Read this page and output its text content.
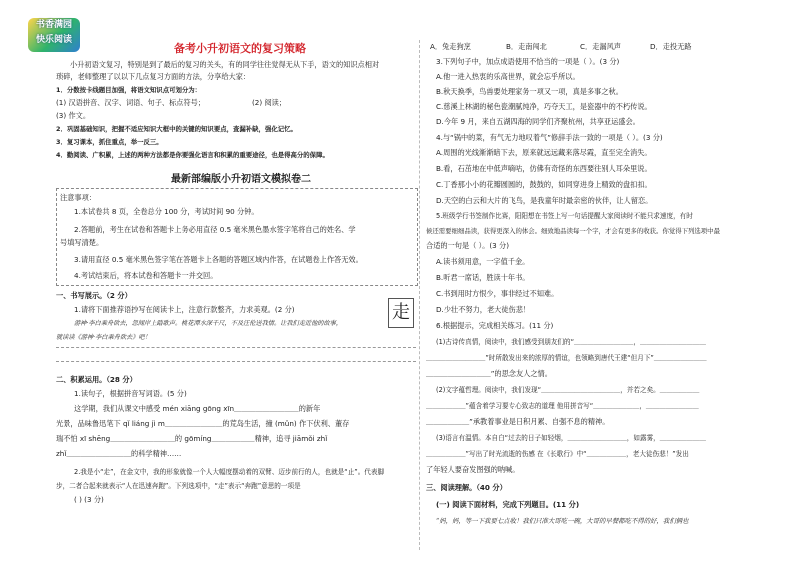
书香满园
快乐阅读
备考小升初语文的复习策略
小升初语文复习，特别是到了最后的复习的关头，有的同学往往觉得无从下手，语文的知识点相对
琐碎，老师整理了以以下几点复习方面的方法，分享给大家：
1．分数按卡线题目加强，将语文知识点可划分为：
(1) 汉语拼音、汉字、词语、句子、标点符号；	(2) 阅读；
(3) 作文。
2．巩固基础知识，把握不适应知识大框中的关键的知识要点，查漏补缺，强化记忆。
3．复习课本，抓住重点，举一反三。
4．勤阅读、广积累，上述的两种方法都是你要强化语言和积累的重要途径，也是得高分的保障。
最新部编版小升初语文模拟卷二
注意事项：
1.本试卷共 8 页，全卷总分 100 分，考试时间 90 分钟。
2.答题前，考生在试卷和答题卡上务必用直径 0.5 毫米黑色墨水签字笔将自己的姓名、学
号填写清楚。
3.请用直径 0.5 毫米黑色签字笔在答题卡上各题的答题区域内作答，在试题卷上作答无效。
4.考试结束后，将本试卷和答题卡一并交回。
一、书写展示。（2 分）
1.请将下面推荐语抄写在阅读卡上，注意行款整齐，力求美观。(2 分)
游神·李白乘舟欲去，忽闻岸上踏歌声。桃花潭水深千尺，不及汪伦送我情。让我们走近他的故事，
就读读《游神·李白乘舟欲去》吧！
二、积累运用。（28 分）
走
1.读句子，根据拼音写词语。(5 分)
这学期，我们从课文中感受 mén xiāng gōng xīn＿＿＿＿＿＿＿＿＿的新年
光景，品味鲁迅笔下 qǐ liáng jì m＿＿＿＿＿＿＿＿的荒岛生活，撞 (mǔn) 作下伏利、董存
瑞不怕 xī shēng＿＿＿＿＿＿＿＿＿的 gōmíng＿＿＿＿＿＿精神，追寻 jiāmǒi zhǐ
zhǐ＿＿＿＿＿＿＿＿＿的科学精神……
2.我是小“走”，在金文中，我的形象就像一个人大幅度摆动着的双臂、迈步前行的人，也就是“止”。代表脚
步，二者合起来就表示“人在迅速奔跑”。下列选项中，“走”表示“奔跑”意思的一项是
( ) (3 分)
A．兔走狗烹	B．走南闯北	C．走漏风声	D．走投无路
3.下列句子中，加点成语使用不恰当的一项是（ ）。(3 分)
A.他一进入热衷的乐高世界，就会忘乎所以。
B.秋天换季，鸟兽要处理家务一项又一项，真是多事之秋。
C.慈溪上林湖的秘色瓷潮腻纯净，巧夺天工，是瓷器中的不朽传说。
D.今年 9 月，来自五湖四海的同学们齐聚杭州，共享亚运盛会。
4.与“锅中的菜，有气无力地叹着气”修辞手法一致的一项是（ ）。(3 分)
A.周围的光线渐渐暗下去，原来就远远藏来落尽霞，直至完全消失。
B.看，石茁地在中低声嘀咕，仿佛有奇怪的东西要往别人耳朵里说。
C.丁香那小小的花瓣圆圆的，鼓鼓的，如同穿进身上精致的盘扣扣。
D.天空的白云和大片的飞鸟，是我童年时最亲密的伙伴，让人留恋。
5.班级学行书签制作比赛，阳阳想在书签上写一句话提醒大家阅读时不能只求速度，有时
候还需要细细品读，获得更深入的体会。细致地品读每一个字，才会有更多的收获。你觉得下列选项中最
合适的一句是（ ）。(3 分)
A.读书须用意，一字值千金。
B.听君一席话，胜读十年书。
C.书到用时方恨少，事非经过不知难。
D.少壮不努力，老大徒伤悲！
6.根据提示，完成相关练习。(11 分)
(1)古诗传真情，阅读中，我们感受到朋友们的“＿＿＿＿＿＿＿＿＿，＿＿＿＿＿＿＿＿＿＿
＿＿＿＿＿＿＿＿＿”时所散发出来的浓厚的情谊，也领略到唐代王建“但月下”＿＿＿＿＿＿＿＿
＿＿＿＿＿＿＿＿＿”的思念友人之情。
(2)文字蕴哲理。阅读中，我们发现“＿＿＿＿＿＿＿＿＿＿＿＿，并若之矣。＿＿＿＿＿＿
＿＿＿＿＿＿”蕴含着学习要专心致志的道理 他用拼音写“＿＿＿＿＿＿＿，＿＿＿＿＿＿＿＿
＿＿＿＿＿＿”承教着事业是日积月累、自强不息的精神。
(3)语言有温情。本自白“过去的日子如轻烟，＿＿＿＿＿＿＿＿＿，如露雾，＿＿＿＿＿＿＿
＿＿＿＿＿＿”写出了时光流逝的伤感 在《长歌行》中“＿＿＿＿＿＿，老大徒伤悲！”发出
了年轻人要奋发图强的呐喊。
三、阅读理解。（40 分）
(一) 阅读下面材料，完成下列题目。(11 分)
“妈，妈，等一下我要七点收！我们只准大哥吃一碗，大哥的早餐都吃不得的好，我们俩也
